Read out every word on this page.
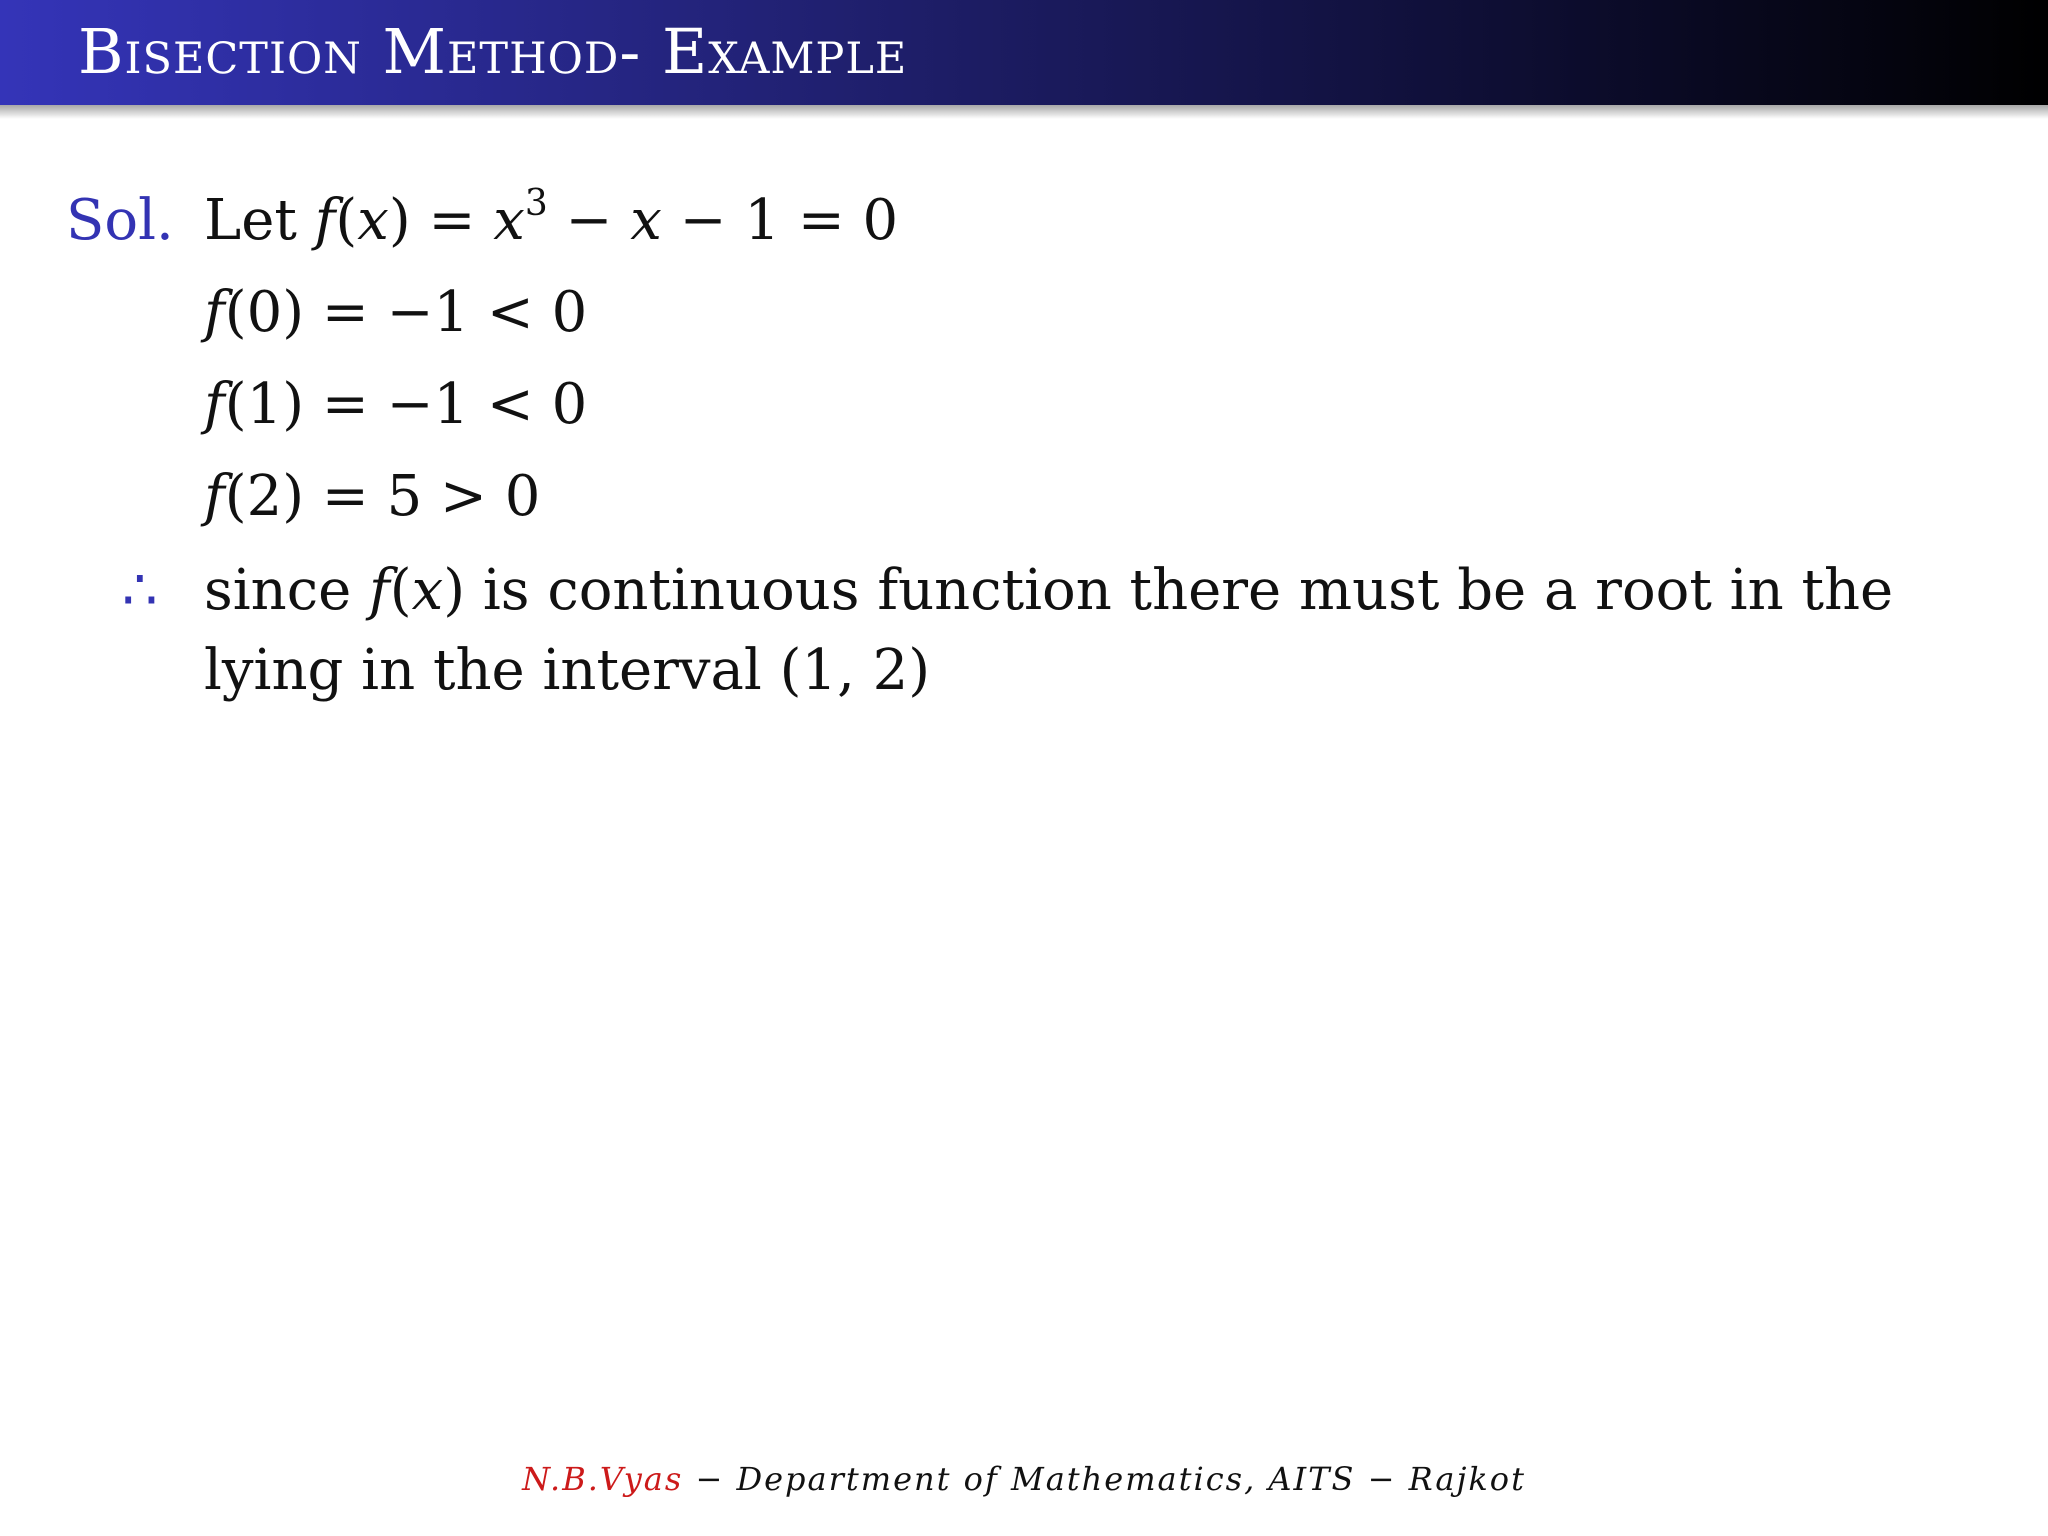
Bisection Method- Example
Sol. Let $f(x) = x^3 - x - 1 = 0$
f(0) = −1 < 0
f(1) = −1 < 0
f(2) = 5 > 0
∴ since f(x) is continuous function there must be a root in the
lying in the interval (1, 2)
N.B.Vyas − Department of Mathematics, AITS − Rajkot
